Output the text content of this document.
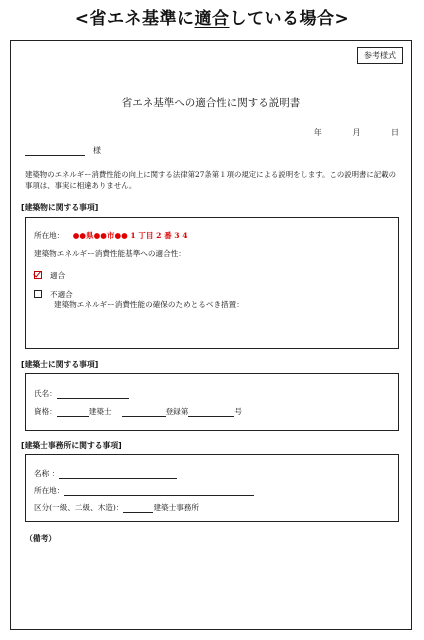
<省エネ基準に適合している場合>
参考様式
省エネ基準への適合性に関する説明書
年	月	日
様
建築物のエネルギー消費性能の向上に関する法律第27条第１項の規定による説明をします。この説明書に記載の事項は、事実に相違ありません。
[建築物に関する事項]
所在地： ●●県●●市●● 1 丁目 2 番 3 4
建築物エネルギー消費性能基準への適合性：
適合
不適合
建築物エネルギー消費性能の確保のためとるべき措置：
[建築士に関する事項]
氏名：
資格：	建築士	登録第	号
[建築士事務所に関する事項]
名称 ：
所在地：
区分(一級、二級、木造)：	建築士事務所
（備考）
